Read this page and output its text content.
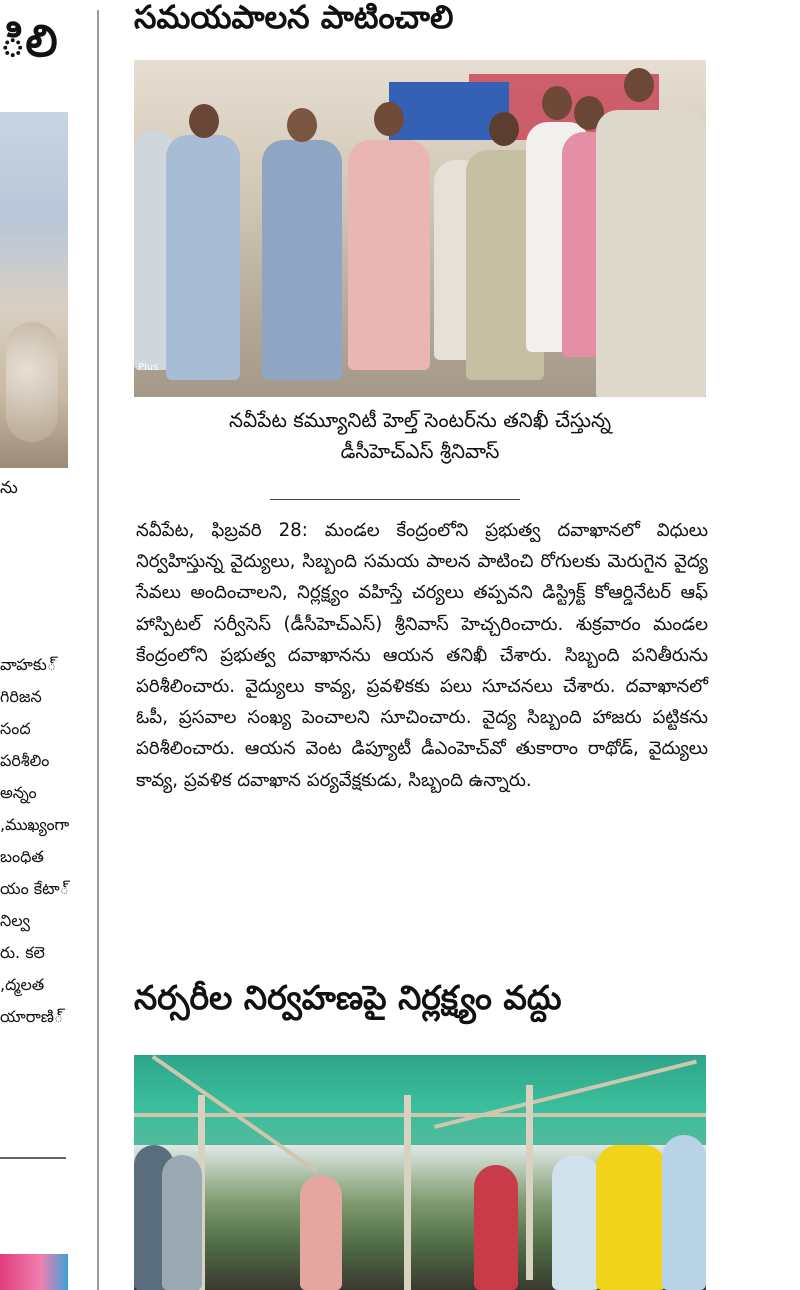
ిలి
ను
్వాహకు
గిరిజన
సంద
పరిశీలిం
అన్నం
ముఖ్యంగా,
బంధిత
్యం కేటా
నిల్వ
రు. కలె
ద్మలత,
్యారాణి
సమయపాలన పాటించాలి
Plus
నవీపేట కమ్యూనిటీ హెల్త్ సెంటర్‌ను తనిఖీ చేస్తున్న
డీసీహెచ్ఎస్ శ్రీనివాస్

నవీపేట, ఫిబ్రవరి 28: మండల కేంద్రంలోని ప్రభుత్వ దవాఖానలో విధులు నిర్వహిస్తున్న వైద్యులు, సిబ్బంది సమయ పాలన పాటించి రోగులకు మెరుగైన వైద్య సేవలు అందించాలని, నిర్లక్ష్యం వహిస్తే చర్యలు తప్పవని డిస్ట్రిక్ట్ కోఆర్డినేటర్ ఆఫ్ హాస్పిటల్ సర్వీసెస్ (డీసీహెచ్ఎస్) శ్రీనివాస్ హెచ్చరించారు. శుక్రవారం మండల కేంద్రంలోని ప్రభుత్వ దవాఖానను ఆయన తనిఖీ చేశారు. సిబ్బంది పనితీరును పరిశీలించారు. వైద్యులు కావ్య, ప్రవళికకు పలు సూచనలు చేశారు. దవాఖానలో ఓపీ, ప్రసవాల సంఖ్య పెంచాలని సూచించారు. వైద్య సిబ్బంది హాజరు పట్టికను పరిశీలించారు. ఆయన వెంట డిప్యూటీ డీఎంహెచ్‌వో తుకారాం రాథోడ్, వైద్యులు కావ్య, ప్రవళిక దవాఖాన పర్యవేక్షకుడు, సిబ్బంది ఉన్నారు.

నర్సరీల నిర్వహణపై నిర్లక్ష్యం వద్దు
